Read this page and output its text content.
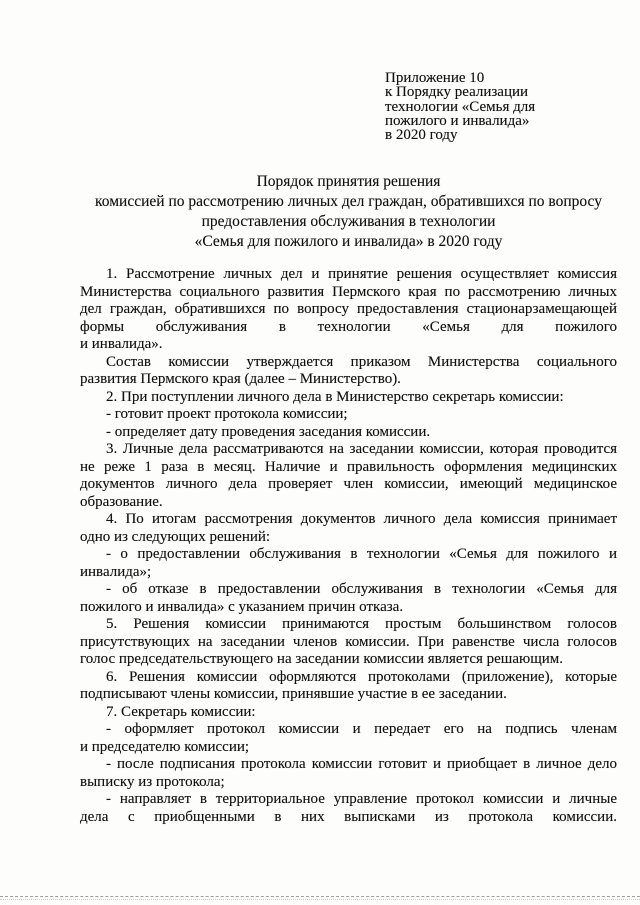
Приложение 10
к Порядку реализации
технологии «Семья для
пожилого и инвалида»
в 2020 году
Порядок принятия решения
комиссией по рассмотрению личных дел граждан, обратившихся по вопросу
предоставления обслуживания в технологии
«Семья для пожилого и инвалида» в 2020 году
1. Рассмотрение личных дел и принятие решения осуществляет комиссия
Министерства социального развития Пермского края по рассмотрению личных
дел граждан, обратившихся по вопросу предоставления стационарзамещающей
формы обслуживания в технологии «Семья для пожилого
и инвалида».
Состав комиссии утверждается приказом Министерства социального
развития Пермского края (далее – Министерство).
2. При поступлении личного дела в Министерство секретарь комиссии:
- готовит проект протокола комиссии;
- определяет дату проведения заседания комиссии.
3. Личные дела рассматриваются на заседании комиссии, которая проводится
не реже 1 раза в месяц. Наличие и правильность оформления медицинских
документов личного дела проверяет член комиссии, имеющий медицинское
образование.
4. По итогам рассмотрения документов личного дела комиссия принимает
одно из следующих решений:
- о предоставлении обслуживания в технологии «Семья для пожилого и
инвалида»;
- об отказе в предоставлении обслуживания в технологии «Семья для
пожилого и инвалида» с указанием причин отказа.
5. Решения комиссии принимаются простым большинством голосов
присутствующих на заседании членов комиссии. При равенстве числа голосов
голос председательствующего на заседании комиссии является решающим.
6. Решения комиссии оформляются протоколами (приложение), которые
подписывают члены комиссии, принявшие участие в ее заседании.
7. Секретарь комиссии:
- оформляет протокол комиссии и передает его на подпись членам
и председателю комиссии;
- после подписания протокола комиссии готовит и приобщает в личное дело
выписку из протокола;
- направляет в территориальное управление протокол комиссии и личные
дела с приобщенными в них выписками из протокола комиссии.
